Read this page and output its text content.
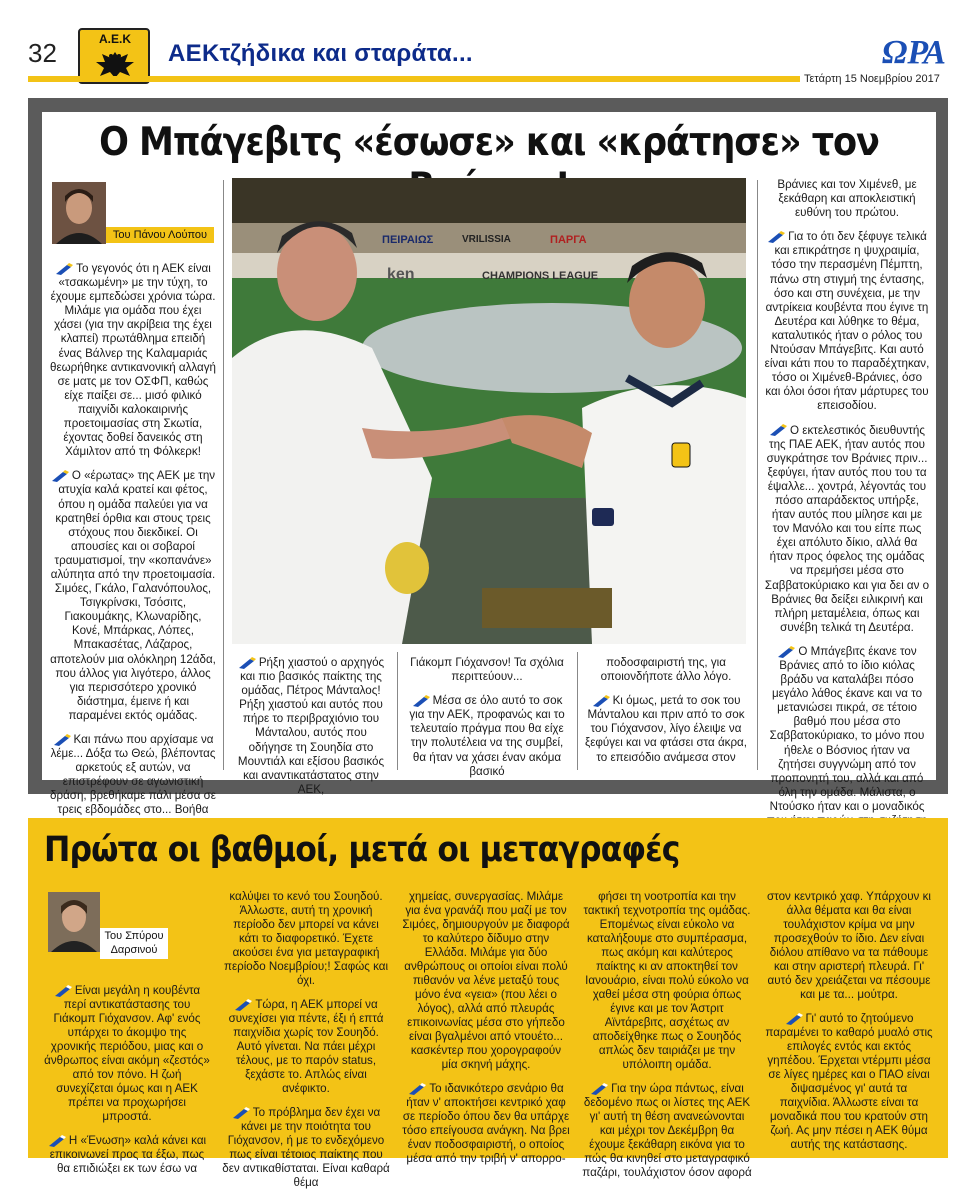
32	Α.Ε.Κ
AEKτζήδικα και σταράτα...	ΩΡΑ
Τετάρτη 15 Νοεμβρίου 2017
Ο Μπάγεβιτς «έσωσε» και «κράτησε» τον
Του Πάνου Λούπου	ΠΕΙΡΑΙΩΣ	VRILISSIA	ΠΑΡΓΑ
CHAMPIONS LEAGUE
ken

Το γεγονός ότι η ΑΕΚ είναι «τσακωμένη» με την τύχη, το έχουμε εμπεδώσει χρόνια τώρα. Μιλάμε για ομάδα που έχει χάσει (για την ακρίβεια της έχει κλαπεί) πρωτάθλημα επειδή ένας Βάλνερ της Καλαμαριάς θεωρήθηκε αντικανονική αλλαγή σε ματς με τον ΟΣΦΠ, καθώς είχε παίξει σε... μισό φιλικό παιχνίδι καλοκαιρινής προετοιμασίας στη Σκωτία, έχοντας δοθεί δανεικός στη Χάμιλτον από τη Φόλκερκ!

Ο «έρωτας» της ΑΕΚ με την ατυχία καλά κρατεί και φέτος, όπου η ομάδα παλεύει για να κρατηθεί όρθια και στους τρεις στόχους που διεκδικεί. Οι απουσίες και οι σοβαροί τραυματισμοί, την «κοπανάνε» αλύπητα από την προετοιμασία. Σιμόες, Γκάλο, Γαλανόπουλος, Τσιγκρίνσκι, Τσόσιτς, Γιακουμάκης, Κλωναρίδης, Κονέ, Μπάρκας, Λόπες, Μπακασέτας, Λάζαρος, αποτελούν μια ολόκληρη 12άδα, που άλλος για λιγότερο, άλλος για περισσότερο χρονικό διάστημα, έμεινε ή και παραμένει εκτός ομάδας.

Και πάνω που αρχίσαμε να λέμε... Δόξα τω Θεώ, βλέποντας αρκετούς εξ αυτών, να επιστρέφουν σε αγωνιστική δράση, βρεθήκαμε πάλι μέσα σε τρεις εβδομάδες στο... Βοήθα

Ρήξη χιαστού ο αρχηγός και πιο βασικός παίκτης της ομάδας, Πέτρος Μάνταλος! Ρήξη χιαστού και αυτός που πήρε το περιβραχιόνιο του Μάνταλου, αυτός που οδήγησε τη Σουηδία στο Μουντιάλ και εξίσου βασικός και αναντικατάστατος στην ΑΕΚ,

Γιάκομπ Γιόχανσον! Τα σχόλια περιττεύουν...

Μέσα σε όλο αυτό το σοκ για την ΑΕΚ, προφανώς και το τελευταίο πράγμα που θα είχε την πολυτέλεια να της συμβεί, θα ήταν να χάσει έναν ακόμα βασικό

ποδοσφαιριστή της, για οποιονδήποτε άλλο λόγο.

Κι όμως, μετά το σοκ του Μάνταλου και πριν από το σοκ του Γιόχανσον, λίγο έλειψε να ξεφύγει και να φτάσει στα άκρα, το επεισόδιο ανάμεσα στον

Βράνιες και τον Χιμένεθ, με ξεκάθαρη και αποκλειστική ευθύνη του πρώτου.

Για το ότι δεν ξέφυγε τελικά και επικράτησε η ψυχραιμία, τόσο την περασμένη Πέμπτη, πάνω στη στιγμή της έντασης, όσο και στη συνέχεια, με την αντρίκεια κουβέντα που έγινε τη Δευτέρα και λύθηκε το θέμα, καταλυτικός ήταν ο ρόλος του Ντούσαν Μπάγεβιτς. Και αυτό είναι κάτι που το παραδέχτηκαν, τόσο οι Χιμένεθ-Βράνιες, όσο και όλοι όσοι ήταν μάρτυρες του επεισοδίου.

Ο εκτελεστικός διευθυντής της ΠΑΕ ΑΕΚ, ήταν αυτός που συγκράτησε τον Βράνιες πριν... ξεφύγει, ήταν αυτός που του τα έψαλλε... χοντρά, λέγοντάς του πόσο απαράδεκτος υπήρξε, ήταν αυτός που μίλησε και με τον Μανόλο και του είπε πως έχει απόλυτο δίκιο, αλλά θα ήταν προς όφελος της ομάδας να πρεμήσει μέσα στο Σαββατοκύριακο και για δει αν ο Βράνιες θα δείξει ειλικρινή και πλήρη μεταμέλεια, όπως και συνέβη τελικά τη Δευτέρα.

Ο Μπάγεβιτς έκανε τον Βράνιες από το ίδιο κιόλας βράδυ να καταλάβει πόσο μεγάλο λάθος έκανε και να το μετανιώσει πικρά, σε τέτοιο βαθμό που μέσα στο Σαββατοκύριακο, το μόνο που ήθελε ο Βόσνιος ήταν να ζητήσει συγγνώμη από τον προπονητή του, αλλά και από όλη την ομάδα. Μάλιστα, ο Ντούσκο ήταν και ο μοναδικός

Πρώτα οι βαθμοί, μετά οι μεταγραφές
Του Σπύρου
Δαρσινού

Είναι μεγάλη η κουβέντα περί αντικατάστασης του Γιάκομπ Γιόχανσον. Αφ' ενός υπάρχει το άκομψο της χρονικής περιόδου, μιας και ο άνθρωπος είναι ακόμη «ζεστός» από τον πόνο. Η ζωή συνεχίζεται όμως και η ΑΕΚ πρέπει να προχωρήσει μπροστά.

Η «Ένωση» καλά κάνει και επικοινωνεί προς τα έξω, πως θα επιδιώξει εκ των έσω να

καλύψει το κενό του Σουηδού. Άλλωστε, αυτή τη χρονική περίοδο δεν μπορεί να κάνει κάτι το διαφορετικό. Έχετε ακούσει ένα για μεταγραφική περίοδο Νοεμβρίου;! Σαφώς και όχι.

Τώρα, η ΑΕΚ μπορεί να συνεχίσει για πέντε, έξι ή επτά παιχνίδια χωρίς τον Σουηδό. Αυτό γίνεται. Να πάει μέχρι τέλους, με το παρόν status, ξεχάστε το. Απλώς είναι ανέφικτο.

Το πρόβλημα δεν έχει να κάνει με την ποιότητα του Γιόχανσον, ή με το ενδεχόμενο πως είναι τέτοιος παίκτης που δεν αντικαθίσταται. Είναι καθαρά θέμα

χημείας, συνεργασίας. Μιλάμε για ένα γρανάζι που μαζί με τον Σιμόες, δημιουργούν με διαφορά το καλύτερο δίδυμο στην Ελλάδα. Μιλάμε για δύο ανθρώπους οι οποίοι είναι πολύ πιθανόν να λένε μεταξύ τους μόνο ένα «γεια» (που λέει ο λόγος), αλλά από πλευράς επικοινωνίας μέσα στο γήπεδο είναι βγαλμένοι από ντουέτο... κασκέντερ που χορογραφούν μία σκηνή μάχης.

Το ιδανικότερο σενάριο θα ήταν ν' αποκτήσει κεντρικό χαφ σε περίοδο όπου δεν θα υπάρχε τόσο επείγουσα ανάγκη. Να βρει έναν ποδοσφαιριστή, ο οποίος μέσα από την τριβή ν' απορρο-

φήσει τη νοοτροπία και την τακτική τεχνοτροπία της ομάδας. Επομένως είναι εύκολο να καταλήξουμε στο συμπέρασμα, πως ακόμη και καλύτερος παίκτης κι αν αποκτηθεί τον Ιανουάριο, είναι πολύ εύκολο να χαθεί μέσα στη φούρια όπως έγινε και με τον Άστριτ Αϊντάρεβιτς, ασχέτως αν αποδείχθηκε πως ο Σουηδός απλώς δεν ταιριάζει με την υπόλοιπη ομάδα.

Για την ώρα πάντως, είναι δεδομένο πως οι λίστες της ΑΕΚ γι' αυτή τη θέση ανανεώνονται και μέχρι τον Δεκέμβρη θα έχουμε ξεκάθαρη εικόνα για το πώς θα κινηθεί στο μεταγραφικό παζάρι, τουλάχιστον όσον αφορά

στον κεντρικό χαφ. Υπάρχουν κι άλλα θέματα και θα είναι τουλάχιστον κρίμα να μην προσεχθούν το ίδιο. Δεν είναι διόλου απίθανο να τα πάθουμε και στην αριστερή πλευρά. Γι' αυτό δεν χρειάζεται να πέσουμε και με τα... μούτρα.

Γι' αυτό το ζητούμενο παραμένει το καθαρό μυαλό στις επιλογές εντός και εκτός γηπέδου. Έρχεται ντέρμπι μέσα σε λίγες ημέρες και ο ΠΑΟ είναι διψασμένος γι' αυτά τα παιχνίδια. Άλλωστε είναι τα μοναδικά που του κρατούν στη ζωή. Ας μην πέσει η ΑΕΚ θύμα αυτής της κατάστασης.
